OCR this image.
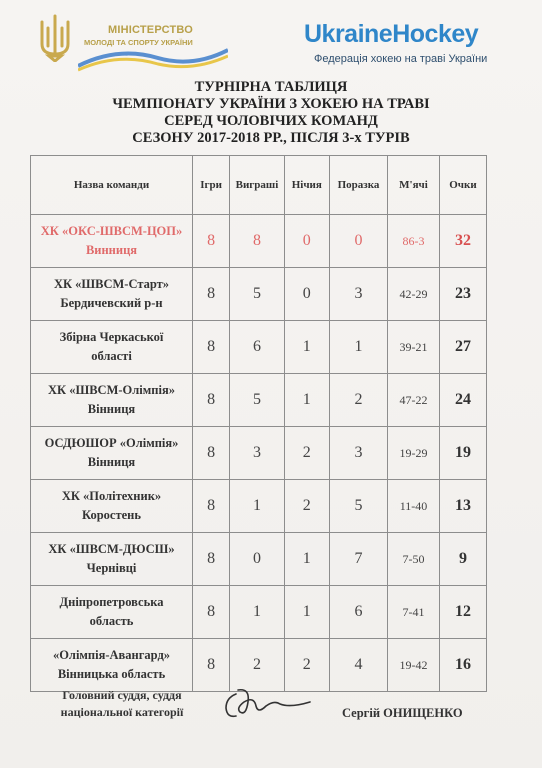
МІНІСТЕРСТВО
МОЛОДІ ТА СПОРТУ УКРАЇНИ	UkraineHockey
Федерація хокею на траві України
ТУРНІРНА ТАБЛИЦЯ
ЧЕМПІОНАТУ УКРАЇНИ З ХОКЕЮ НА ТРАВІ
СЕРЕД ЧОЛОВІЧИХ КОМАНД
СЕЗОНУ 2017-2018 РР., ПІСЛЯ 3-х ТУРІВ
Назва команди	Ігри	Виграші	Нічия	Поразка	М'ячі	Очки
ХК «ОКС-ШВСМ-ЦОП»
Винниця	8	8	0	0	86-3	32
ХК «ШВСМ-Старт»
Бердичевский р-н	8	5	0	3	42-29	23
Збірна Черкаської
області	8	6	1	1	39-21	27
ХК «ШВСМ-Олімпія»
Вінниця	8	5	1	2	47-22	24
ОСДЮШОР «Олімпія»
Вінниця	8	3	2	3	19-29	19
ХК «Політехник»
Коростень	8	1	2	5	11-40	13
ХК «ШВСМ-ДЮСШ»
Чернівці	8	0	1	7	7-50	9
Дніпропетровська
область	8	1	1	6	7-41	12
«Олімпія-Авангард»
Вінницька область	8	2	2	4	19-42	16
Головний суддя, суддя
національної категорії	Сергій ОНИЩЕНКО
